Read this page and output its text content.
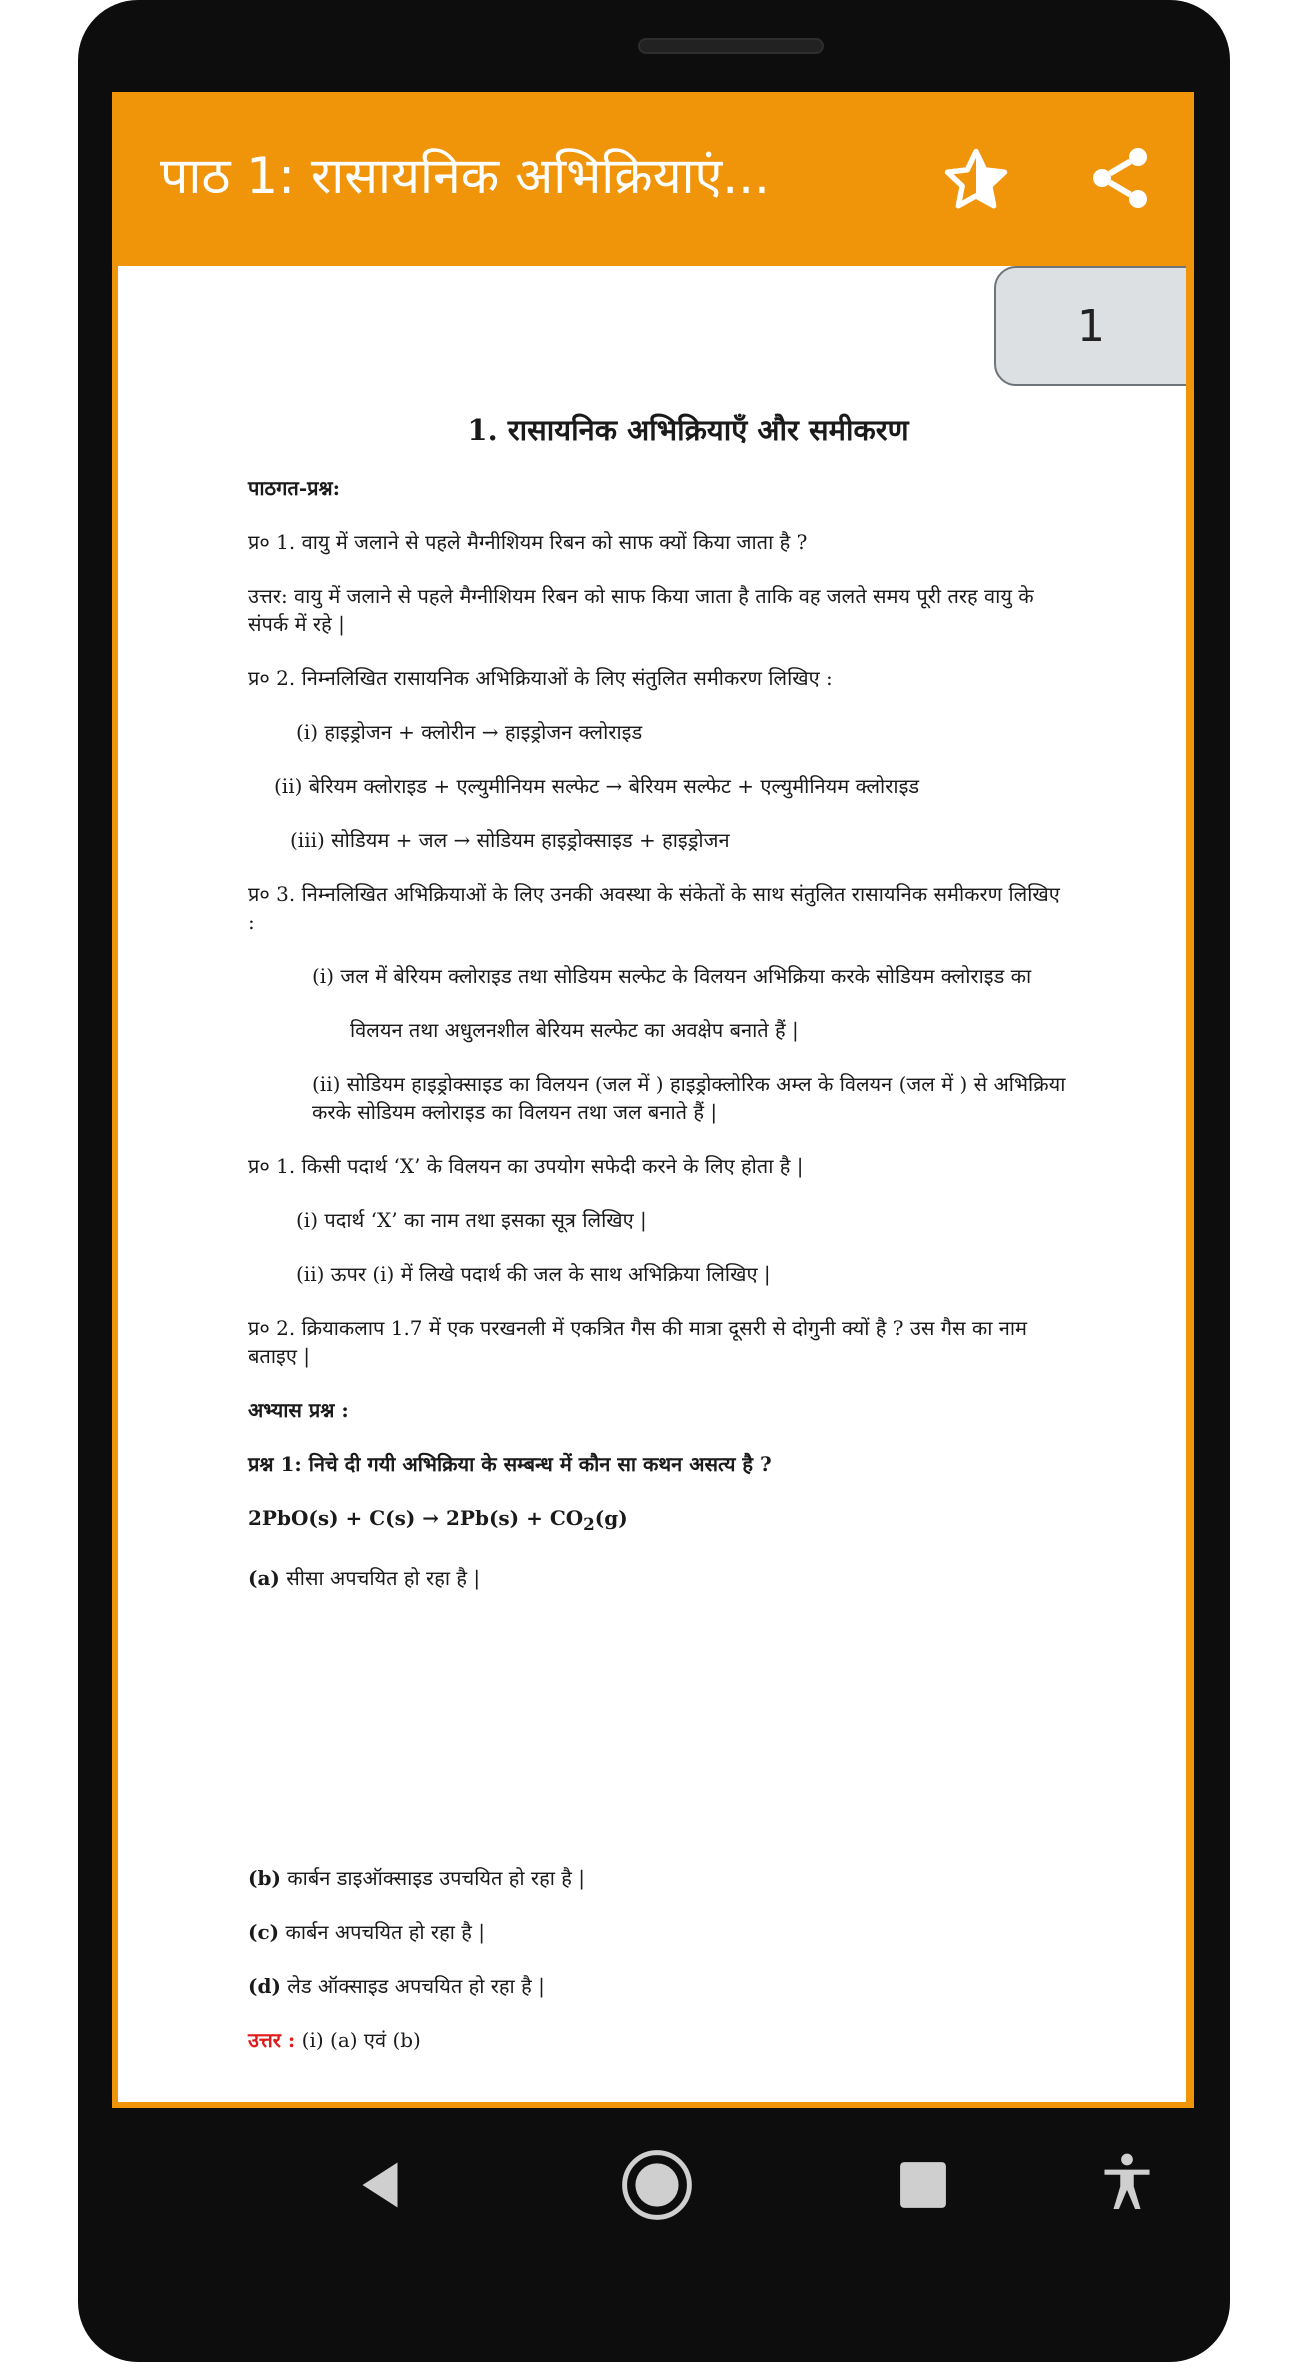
पाठ 1: रासायनिक अभिक्रियाएं...
1
1. रासायनिक अभिक्रियाएँ और समीकरण
पाठगत-प्रश्न:
प्र० 1. वायु में जलाने से पहले मैग्नीशियम रिबन को साफ क्यों किया जाता है ?
उत्तर: वायु में जलाने से पहले मैग्नीशियम रिबन को साफ किया जाता है ताकि वह जलते समय पूरी तरह वायु के संपर्क में रहे |
प्र० 2. निम्नलिखित रासायनिक अभिक्रियाओं के लिए संतुलित समीकरण लिखिए :
(i) हाइड्रोजन + क्लोरीन → हाइड्रोजन क्लोराइड
(ii) बेरियम क्लोराइड + एल्युमीनियम सल्फेट → बेरियम सल्फेट + एल्युमीनियम क्लोराइड
(iii) सोडियम + जल → सोडियम हाइड्रोक्साइड + हाइड्रोजन
प्र० 3. निम्नलिखित अभिक्रियाओं के लिए उनकी अवस्था के संकेतों के साथ संतुलित रासायनिक समीकरण लिखिए :
(i) जल में बेरियम क्लोराइड तथा सोडियम सल्फेट के विलयन अभिक्रिया करके सोडियम क्लोराइड का
विलयन तथा अधुलनशील बेरियम सल्फेट का अवक्षेप बनाते हैं |
(ii) सोडियम हाइड्रोक्साइड का विलयन (जल में ) हाइड्रोक्लोरिक अम्ल के विलयन (जल में ) से अभिक्रिया करके सोडियम क्लोराइड का विलयन तथा जल बनाते हैं |
प्र० 1. किसी पदार्थ ‘X’ के विलयन का उपयोग सफेदी करने के लिए होता है |
(i) पदार्थ ‘X’ का नाम तथा इसका सूत्र लिखिए |
(ii) ऊपर (i) में लिखे पदार्थ की जल के साथ अभिक्रिया लिखिए |
प्र० 2. क्रियाकलाप 1.7 में एक परखनली में एकत्रित गैस की मात्रा दूसरी से दोगुनी क्यों है ? उस गैस का नाम बताइए |
अभ्यास प्रश्न :
प्रश्न 1: निचे दी गयी अभिक्रिया के सम्बन्ध में कौन सा कथन असत्य है ?
$2PbO(s) + C(s) \to 2Pb(s) + CO_2(g)$
(a) सीसा अपचयित हो रहा है |
(b) कार्बन डाइऑक्साइड उपचयित हो रहा है |
(c) कार्बन अपचयित हो रहा है |
(d) लेड ऑक्साइड अपचयित हो रहा है |
उत्तर : (i) (a) एवं (b)
